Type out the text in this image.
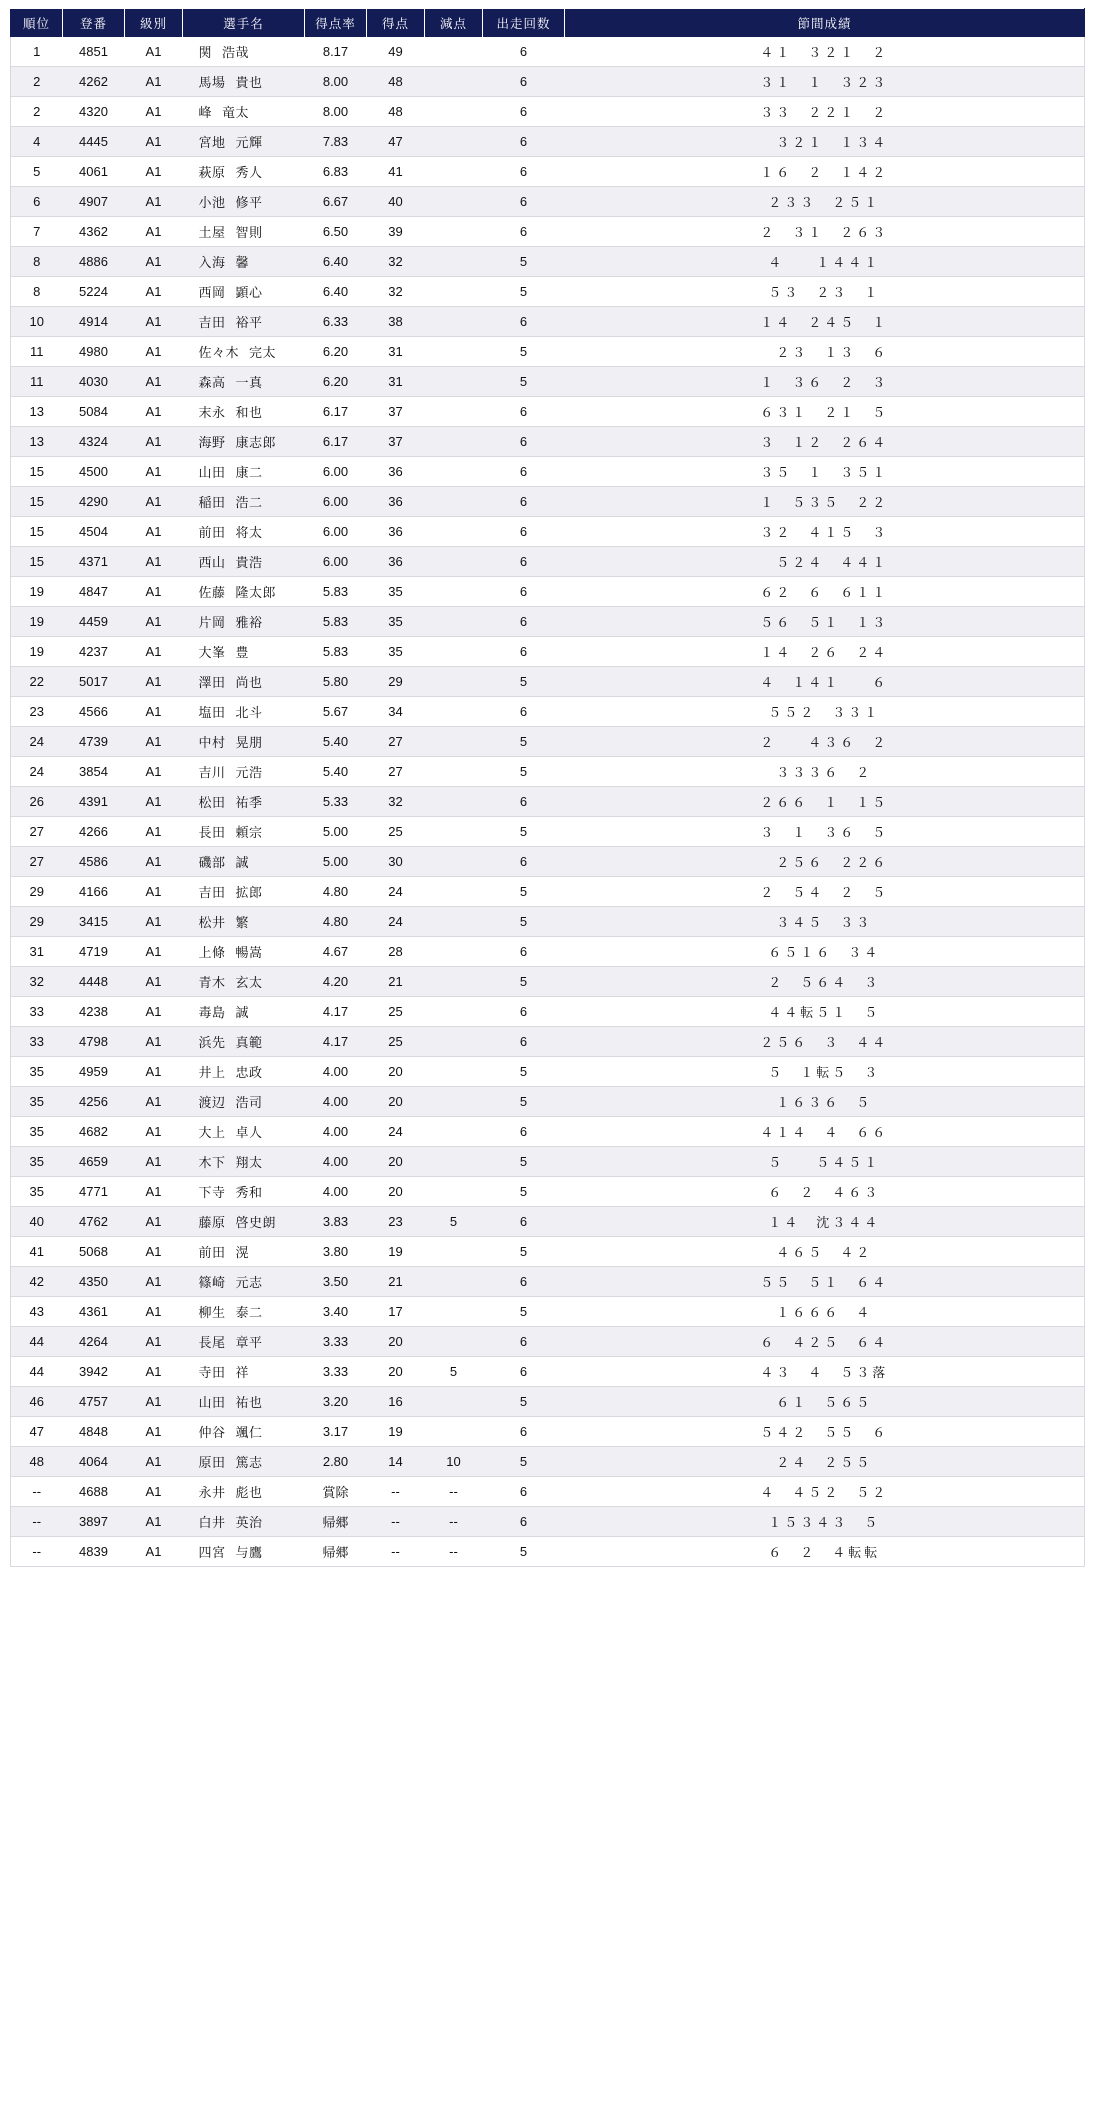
順位	登番	級別	選手名	得点率	得点	減点	出走回数	節間成績
1	4851	A1	関 浩哉	8.17	49		6	４１　３２１　２
2	4262	A1	馬場 貴也	8.00	48		6	３１　１　３２３
2	4320	A1	峰 竜太	8.00	48		6	３３　２２１　２
4	4445	A1	宮地 元輝	7.83	47		6	　３２１　１３４
5	4061	A1	萩原 秀人	6.83	41		6	１６　２　１４２
6	4907	A1	小池 修平	6.67	40		6	２３３　２５１
7	4362	A1	土屋 智則	6.50	39		6	２　３１　２６３
8	4886	A1	入海 馨	6.40	32		5	４　　１４４１
8	5224	A1	西岡 顕心	6.40	32		5	５３　２３　１
10	4914	A1	吉田 裕平	6.33	38		6	１４　２４５　１
11	4980	A1	佐々木 完太	6.20	31		5	　２３　１３　６
11	4030	A1	森高 一真	6.20	31		5	１　３６　２　３
13	5084	A1	末永 和也	6.17	37		6	６３１　２１　５
13	4324	A1	海野 康志郎	6.17	37		6	３　１２　２６４
15	4500	A1	山田 康二	6.00	36		6	３５　１　３５１
15	4290	A1	稲田 浩二	6.00	36		6	１　５３５　２２
15	4504	A1	前田 将太	6.00	36		6	３２　４１５　３
15	4371	A1	西山 貴浩	6.00	36		6	　５２４　４４１
19	4847	A1	佐藤 隆太郎	5.83	35		6	６２　６　６１１
19	4459	A1	片岡 雅裕	5.83	35		6	５６　５１　１３
19	4237	A1	大峯 豊	5.83	35		6	１４　２６　２４
22	5017	A1	澤田 尚也	5.80	29		5	４　１４１　　６
23	4566	A1	塩田 北斗	5.67	34		6	５５２　３３１
24	4739	A1	中村 晃朋	5.40	27		5	２　　４３６　２
24	3854	A1	吉川 元浩	5.40	27		5	３３３６　２
26	4391	A1	松田 祐季	5.33	32		6	２６６　１　１５
27	4266	A1	長田 頼宗	5.00	25		5	３　１　３６　５
27	4586	A1	磯部 誠	5.00	30		6	　２５６　２２６
29	4166	A1	吉田 拡郎	4.80	24		5	２　５４　２　５
29	3415	A1	松井 繁	4.80	24		5	３４５　３３
31	4719	A1	上條 暢嵩	4.67	28		6	６５１６　３４
32	4448	A1	青木 玄太	4.20	21		5	２　５６４　３
33	4238	A1	毒島 誠	4.17	25		6	４４転５１　５
33	4798	A1	浜先 真範	4.17	25		6	２５６　３　４４
35	4959	A1	井上 忠政	4.00	20		5	５　１転５　３
35	4256	A1	渡辺 浩司	4.00	20		5	１６３６　５
35	4682	A1	大上 卓人	4.00	24		6	４１４　４　６６
35	4659	A1	木下 翔太	4.00	20		5	５　　５４５１
35	4771	A1	下寺 秀和	4.00	20		5	６　２　４６３
40	4762	A1	藤原 啓史朗	3.83	23	5	6	１４　沈３４４
41	5068	A1	前田 滉	3.80	19		5	４６５　４２
42	4350	A1	篠崎 元志	3.50	21		6	５５　５１　６４
43	4361	A1	柳生 泰二	3.40	17		5	１６６６　４
44	4264	A1	長尾 章平	3.33	20		6	６　４２５　６４
44	3942	A1	寺田 祥	3.33	20	5	6	４３　４　５３落
46	4757	A1	山田 祐也	3.20	16		5	６１　５６５
47	4848	A1	仲谷 颯仁	3.17	19		6	５４２　５５　６
48	4064	A1	原田 篤志	2.80	14	10	5	２４　２５５
--	4688	A1	永井 彪也	賞除	--	--	6	４　４５２　５２
--	3897	A1	白井 英治	帰郷	--	--	6	１５３４３　５
--	4839	A1	四宮 与鷹	帰郷	--	--	5	６　２　４転転
